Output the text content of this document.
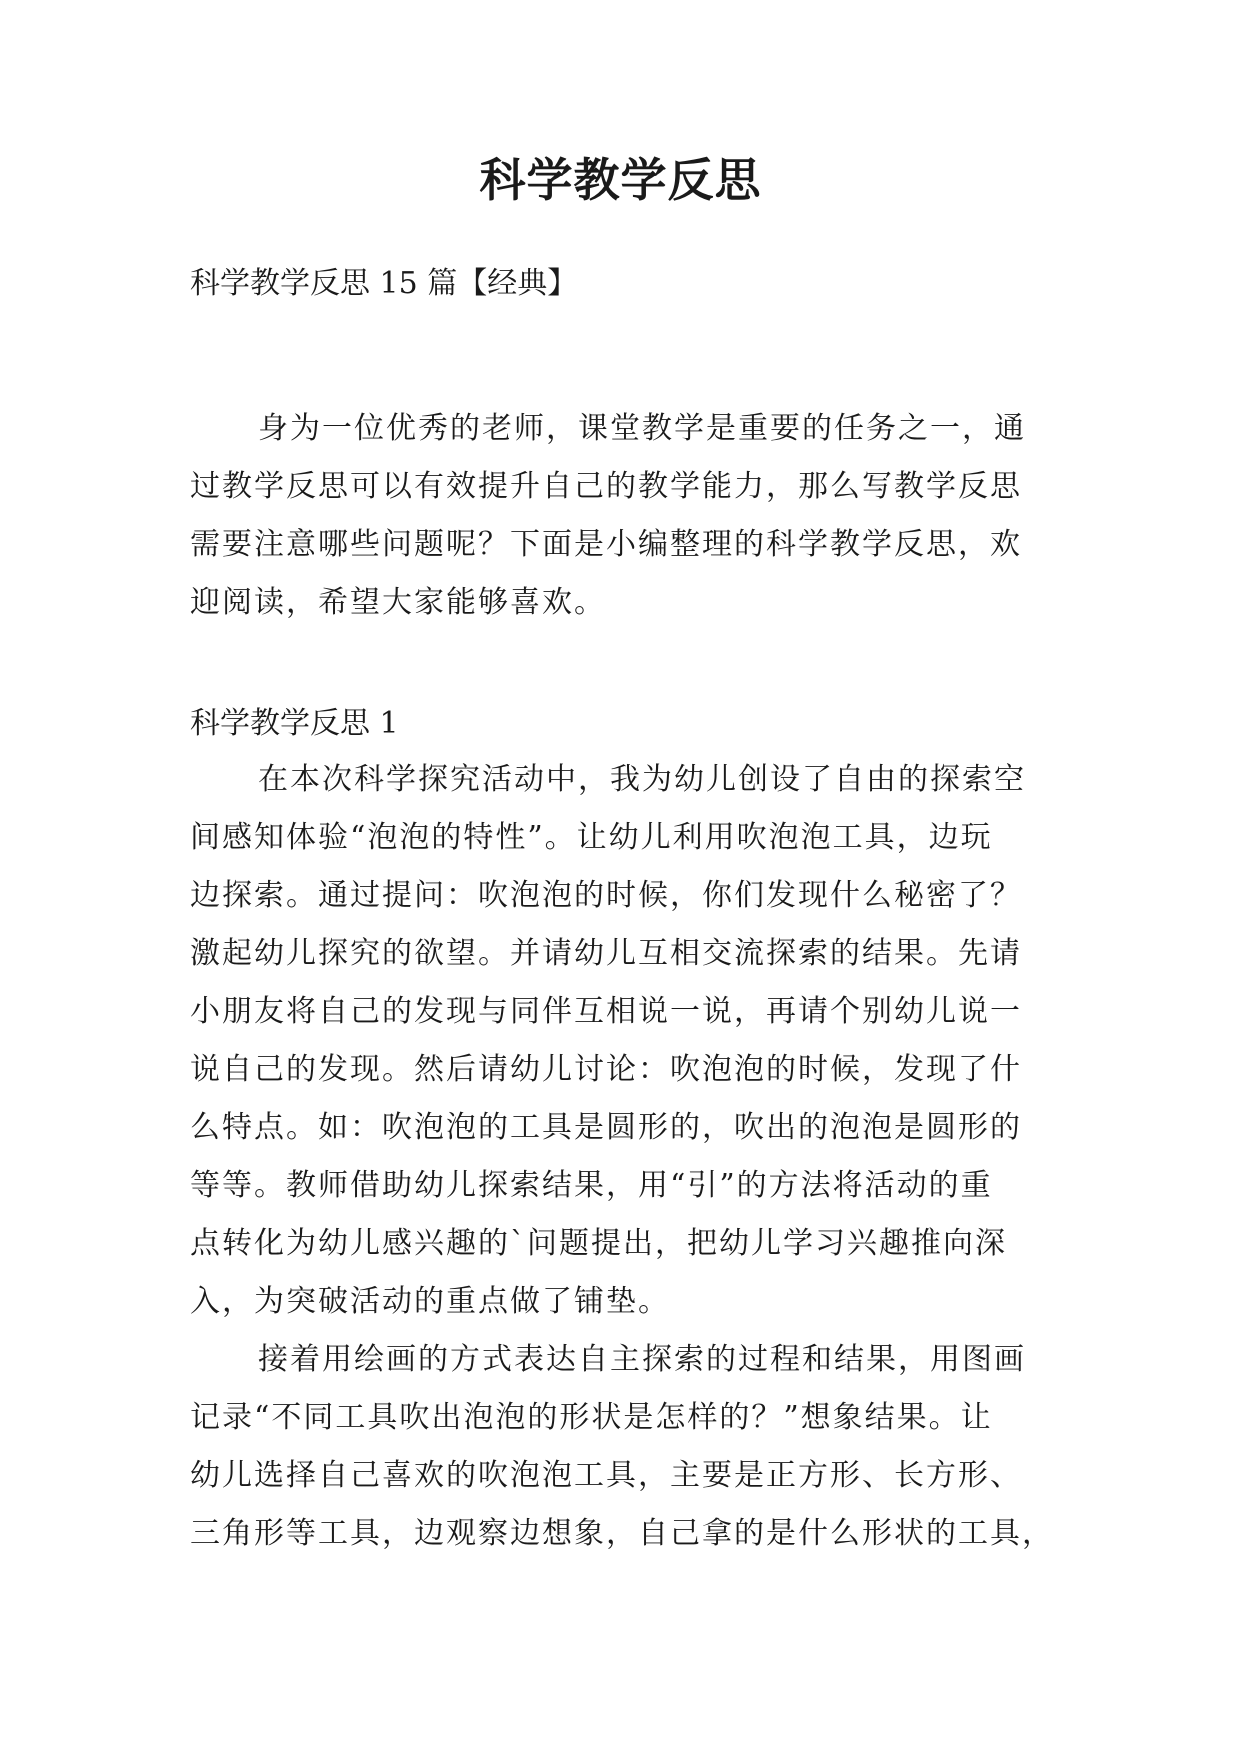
科学教学反思

科学教学反思 15 篇【经典】

身为一位优秀的老师，课堂教学是重要的任务之一，通
过教学反思可以有效提升自己的教学能力，那么写教学反思
需要注意哪些问题呢？下面是小编整理的科学教学反思，欢
迎阅读，希望大家能够喜欢。

科学教学反思 1

在本次科学探究活动中，我为幼儿创设了自由的探索空
间感知体验“泡泡的特性”。让幼儿利用吹泡泡工具，边玩
边探索。通过提问：吹泡泡的时候，你们发现什么秘密了？
激起幼儿探究的欲望。并请幼儿互相交流探索的结果。先请
小朋友将自己的发现与同伴互相说一说，再请个别幼儿说一
说自己的发现。然后请幼儿讨论：吹泡泡的时候，发现了什
么特点。如：吹泡泡的工具是圆形的，吹出的泡泡是圆形的
等等。教师借助幼儿探索结果，用“引”的方法将活动的重
点转化为幼儿感兴趣的`问题提出，把幼儿学习兴趣推向深
入，为突破活动的重点做了铺垫。
接着用绘画的方式表达自主探索的过程和结果，用图画
记录“不同工具吹出泡泡的形状是怎样的？”想象结果。让
幼儿选择自己喜欢的吹泡泡工具，主要是正方形、长方形、
三角形等工具，边观察边想象，自己拿的是什么形状的工具，
